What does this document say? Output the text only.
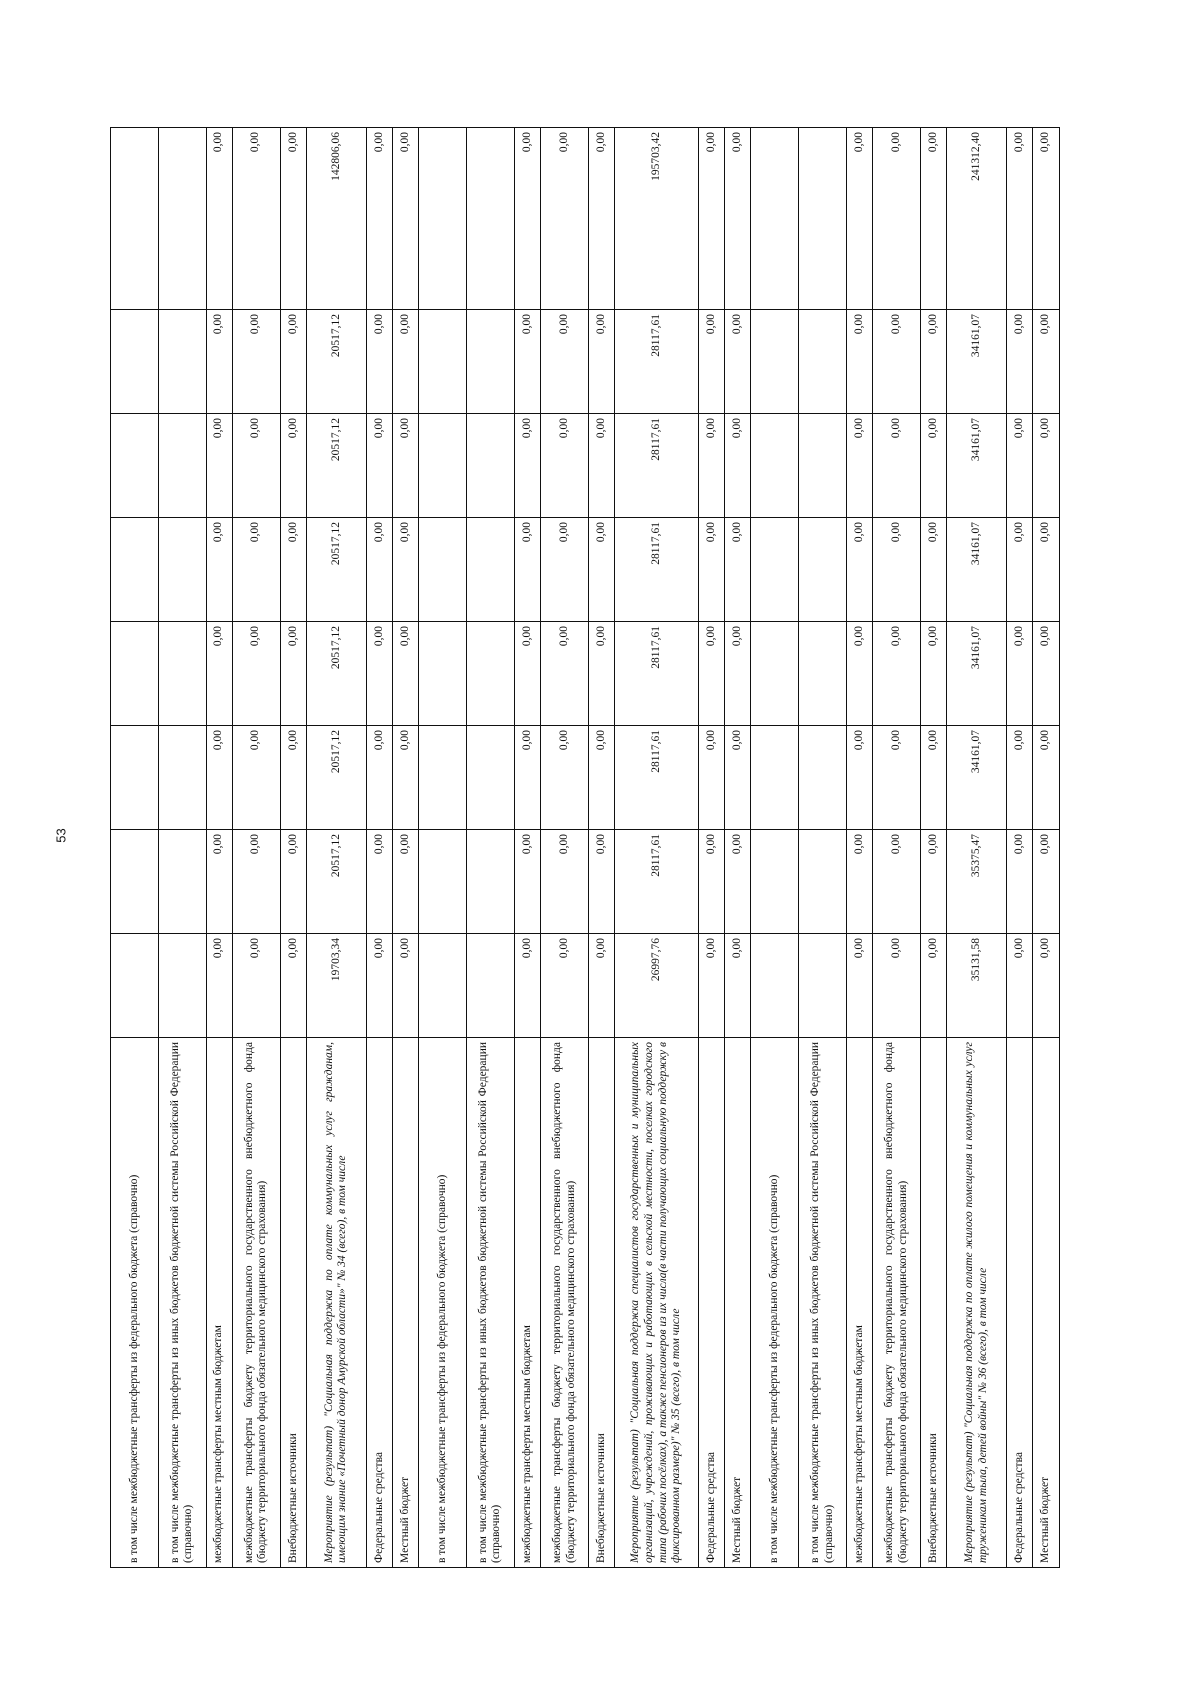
53
в том числе межбюджетные трансферты из федерального бюджета (справочно)								
в том числе межбюджетные трансферты из иных бюджетов бюджетной системы Российской Федерации (справочно)								
межбюджетные трансферты местным бюджетам	0,00	0,00	0,00	0,00	0,00	0,00	0,00	0,00
межбюджетные трансферты бюджету территориального государственного внебюджетного фонда (бюджету территориального фонда обязательного медицинского страхования)	0,00	0,00	0,00	0,00	0,00	0,00	0,00	0,00
Внебюджетные источники	0,00	0,00	0,00	0,00	0,00	0,00	0,00	0,00
Мероприятие (результат) "Социальная поддержка по оплате коммунальных услуг гражданам, имеющим знание «Почетный донор Амурской области»" № 34 (всего), в том числе	19703,34	20517,12	20517,12	20517,12	20517,12	20517,12	20517,12	142806,06
Федеральные средства	0,00	0,00	0,00	0,00	0,00	0,00	0,00	0,00
Местный бюджет	0,00	0,00	0,00	0,00	0,00	0,00	0,00	0,00
в том числе межбюджетные трансферты из федерального бюджета (справочно)								
в том числе межбюджетные трансферты из иных бюджетов бюджетной системы Российской Федерации (справочно)								
межбюджетные трансферты местным бюджетам	0,00	0,00	0,00	0,00	0,00	0,00	0,00	0,00
межбюджетные трансферты бюджету территориального государственного внебюджетного фонда (бюджету территориального фонда обязательного медицинского страхования)	0,00	0,00	0,00	0,00	0,00	0,00	0,00	0,00
Внебюджетные источники	0,00	0,00	0,00	0,00	0,00	0,00	0,00	0,00
Мероприятие (результат) "Социальная поддержка специалистов государственных и муниципальных организаций, учреждений, проживающих и работающих в сельской местности, поселках городского типа (рабочих посёлках), а также пенсионеров из их числа(в части получающих социальную поддержку в фиксированном размере)" № 35 (всего), в том числе	26997,76	28117,61	28117,61	28117,61	28117,61	28117,61	28117,61	195703,42
Федеральные средства	0,00	0,00	0,00	0,00	0,00	0,00	0,00	0,00
Местный бюджет	0,00	0,00	0,00	0,00	0,00	0,00	0,00	0,00
в том числе межбюджетные трансферты из федерального бюджета (справочно)								
в том числе межбюджетные трансферты из иных бюджетов бюджетной системы Российской Федерации (справочно)								
межбюджетные трансферты местным бюджетам	0,00	0,00	0,00	0,00	0,00	0,00	0,00	0,00
межбюджетные трансферты бюджету территориального государственного внебюджетного фонда (бюджету территориального фонда обязательного медицинского страхования)	0,00	0,00	0,00	0,00	0,00	0,00	0,00	0,00
Внебюджетные источники	0,00	0,00	0,00	0,00	0,00	0,00	0,00	0,00
Мероприятие (результат) "Социальная поддержка по оплате жилого помещения и коммунальных услуг труженикам тыла, детей войны" № 36 (всего), в том числе	35131,58	35375,47	34161,07	34161,07	34161,07	34161,07	34161,07	241312,40
Федеральные средства	0,00	0,00	0,00	0,00	0,00	0,00	0,00	0,00
Местный бюджет	0,00	0,00	0,00	0,00	0,00	0,00	0,00	0,00
